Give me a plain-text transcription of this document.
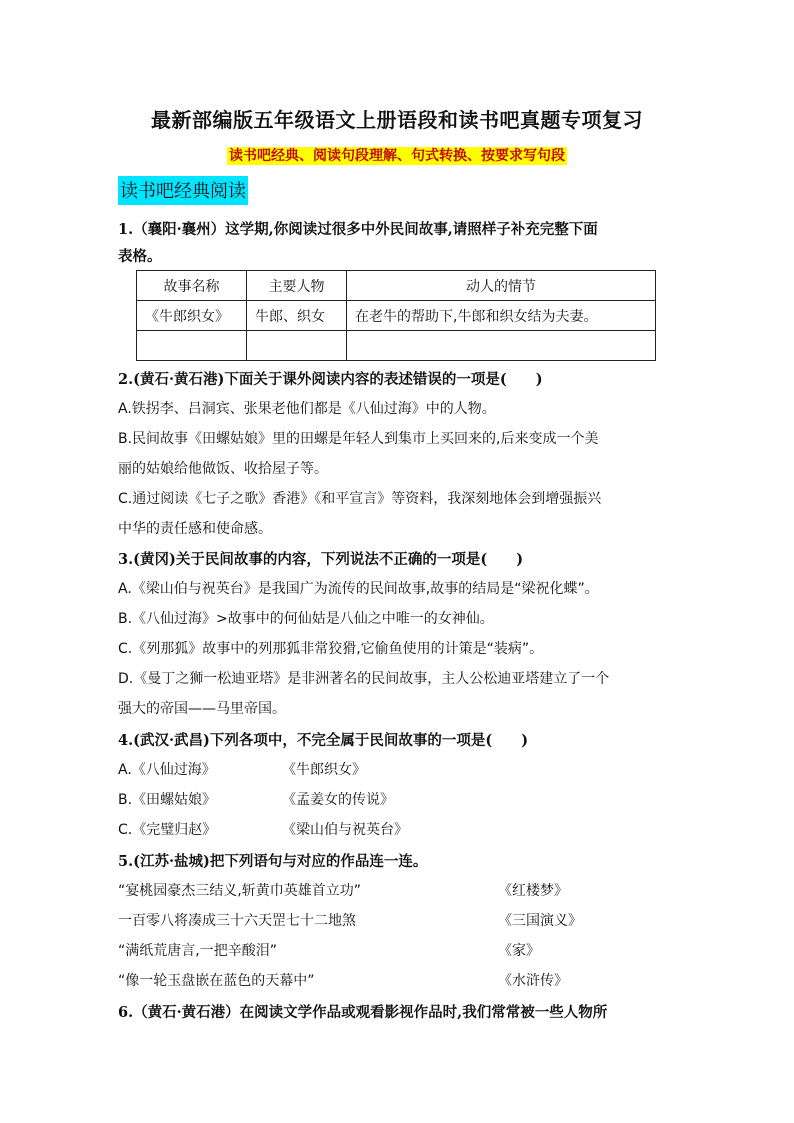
最新部编版五年级语文上册语段和读书吧真题专项复习
读书吧经典、阅读句段理解、句式转换、按要求写句段
读书吧经典阅读
1.（襄阳·襄州）这学期,你阅读过很多中外民间故事,请照样子补充完整下面
表格。
故事名称	主要人物	动人的情节
《牛郎织女》	牛郎、织女	在老牛的帮助下,牛郎和织女结为夫妻。

2.(黄石·黄石港)下面关于课外阅读内容的表述错误的一项是(　　)
A.铁拐李、吕洞宾、张果老他们都是《八仙过海》中的人物。
B.民间故事《田螺姑娘》里的田螺是年轻人到集市上买回来的,后来变成一个美
丽的姑娘给他做饭、收拾屋子等。
C.通过阅读《七子之歌》香港》《和平宣言》等资料，我深刻地体会到增强振兴
中华的责任感和使命感。
3.(黄冈)关于民间故事的内容，下列说法不正确的一项是(　　)
A.《梁山伯与祝英台》是我国广为流传的民间故事,故事的结局是“梁祝化蝶”。
B.《八仙过海》>故事中的何仙姑是八仙之中唯一的女神仙。
C.《列那狐》故事中的列那狐非常狡猾,它偷鱼使用的计策是“装病”。
D.《曼丁之狮一松迪亚塔》是非洲著名的民间故事，主人公松迪亚塔建立了一个
强大的帝国——马里帝国。
4.(武汉·武昌)下列各项中，不完全属于民间故事的一项是(　　)
A.《八仙过海》	《牛郎织女》
B.《田螺姑娘》	《孟姜女的传说》
C.《完璧归赵》	《梁山伯与祝英台》
5.(江苏·盐城)把下列语句与对应的作品连一连。
“宴桃园豪杰三结义,斩黄巾英雄首立功”	《红楼梦》
一百零八将凑成三十六天罡七十二地煞	《三国演义》
“满纸荒唐言,一把辛酸泪”	《家》
“像一轮玉盘嵌在蓝色的天幕中”	《水浒传》
6.（黄石·黄石港）在阅读文学作品或观看影视作品时,我们常常被一些人物所
